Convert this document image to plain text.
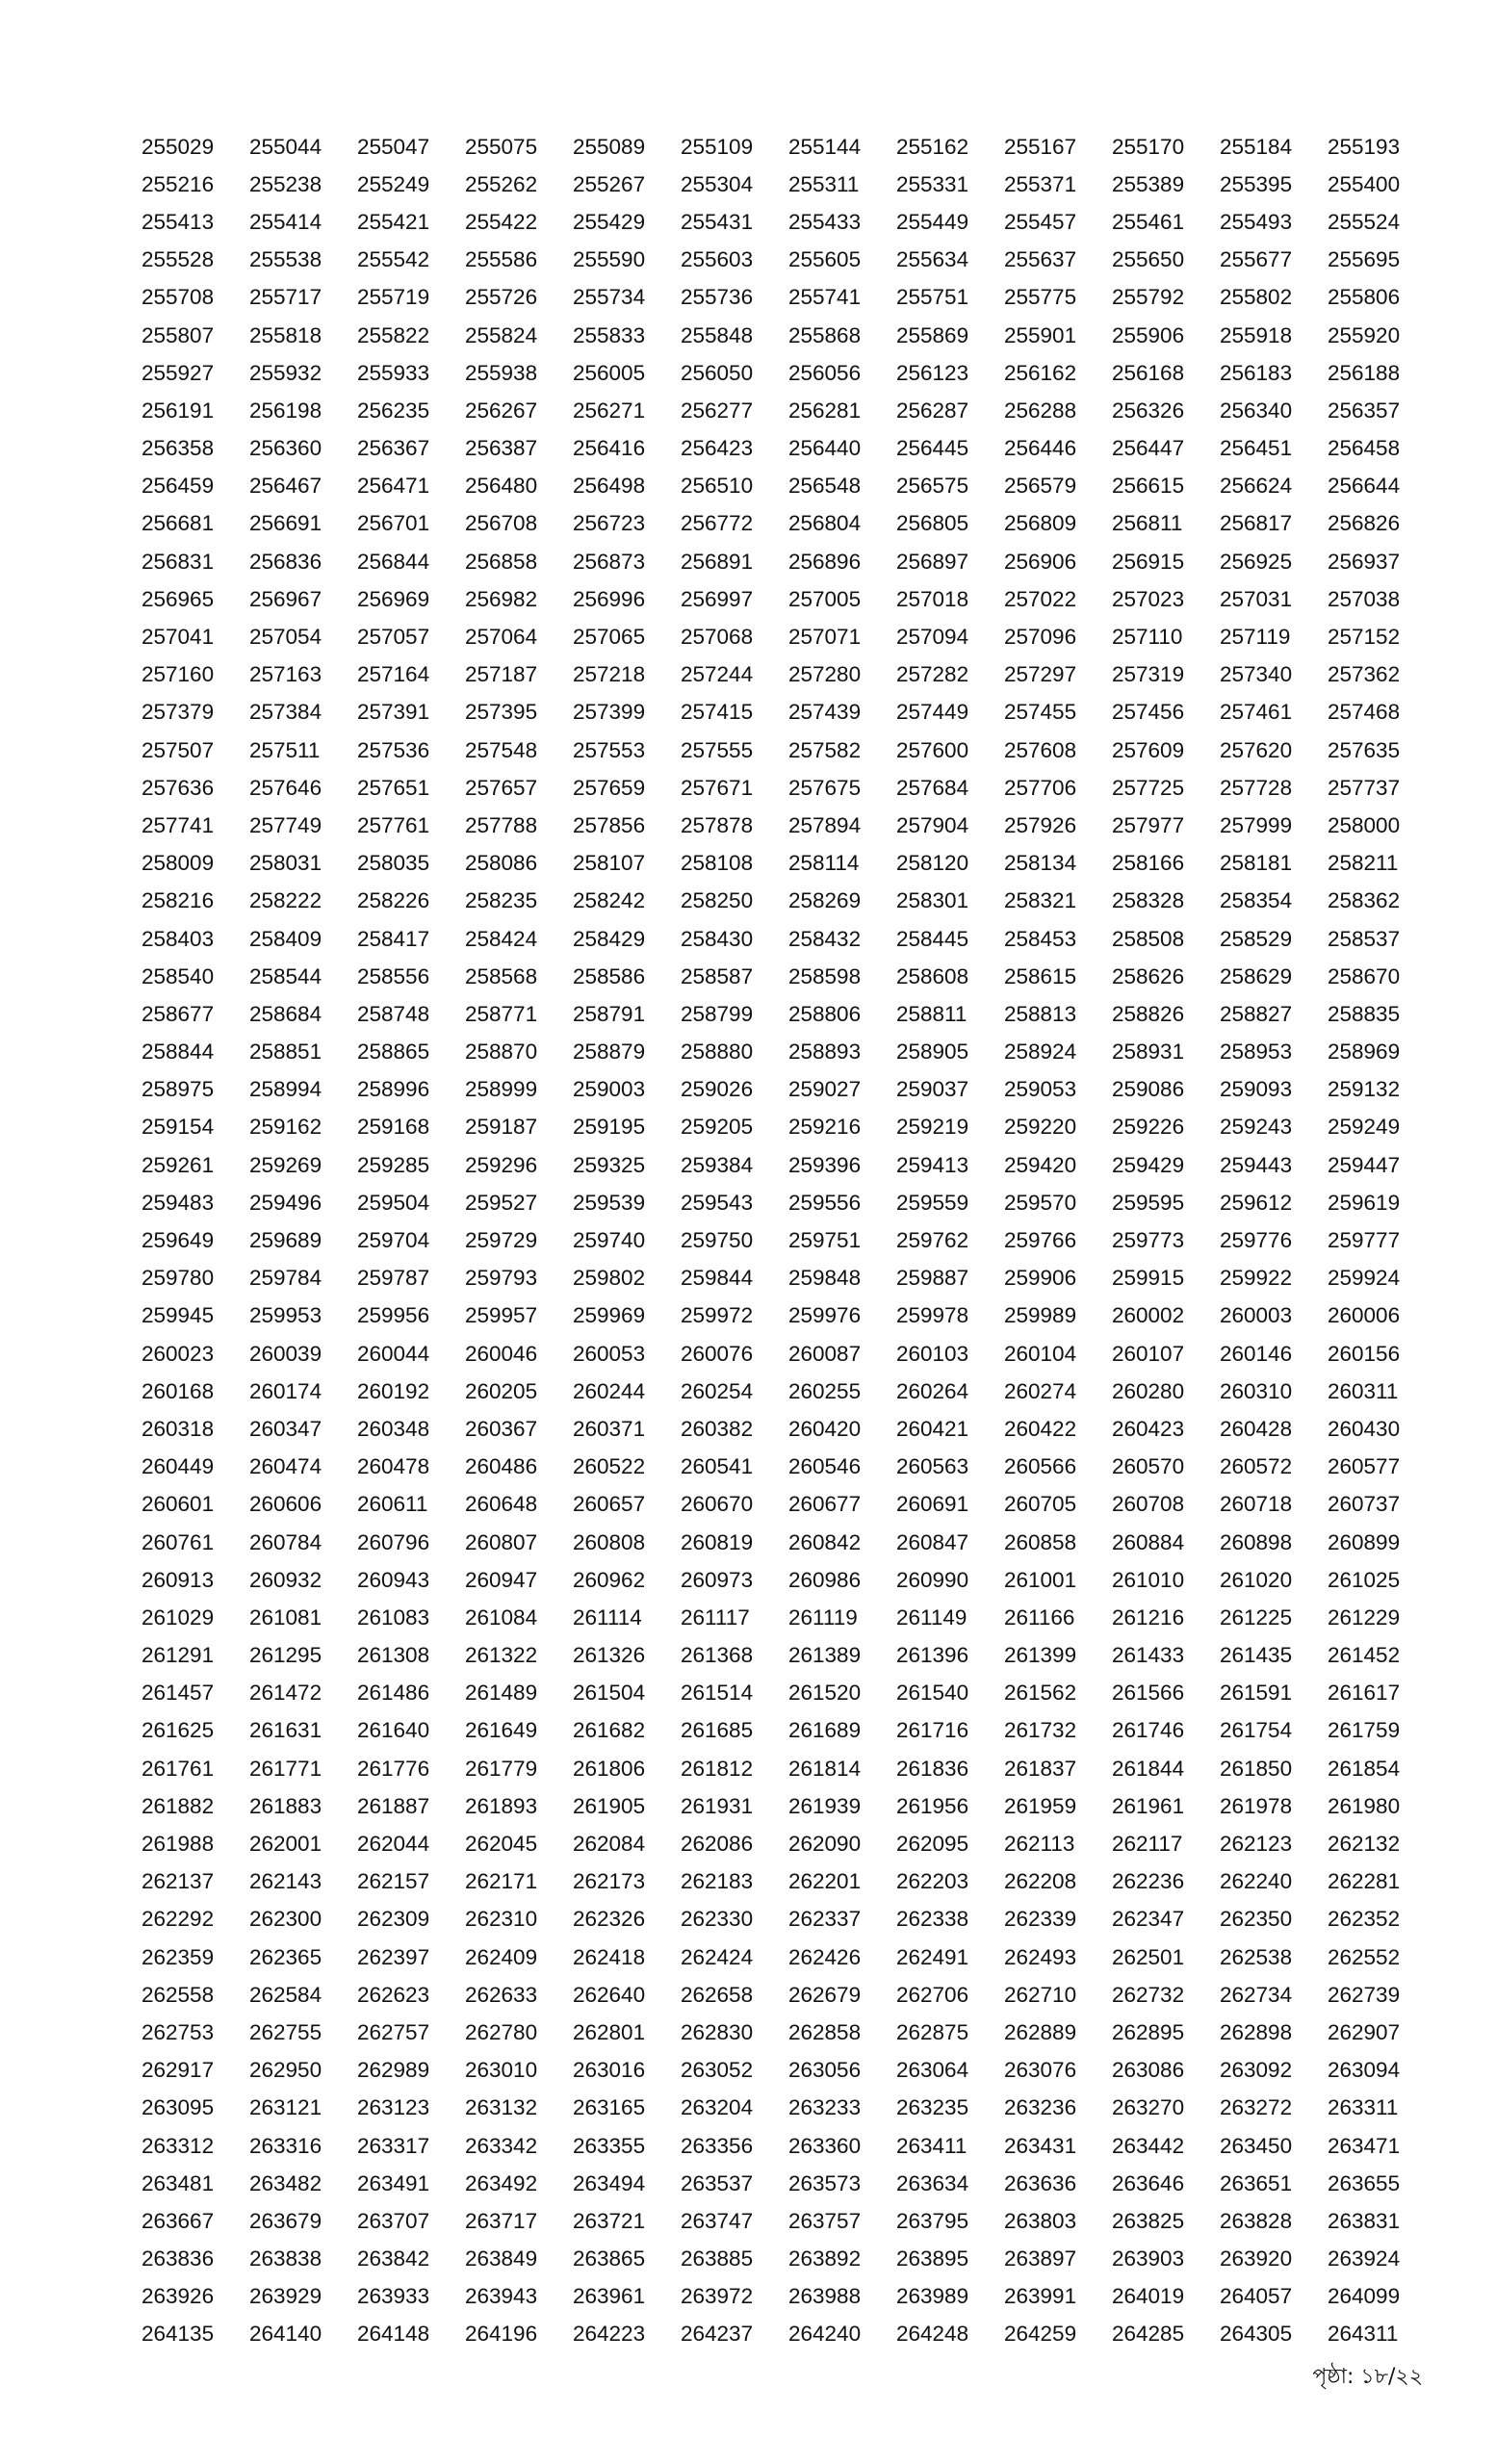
255029	255044	255047	255075	255089	255109	255144	255162	255167	255170	255184	255193
255216	255238	255249	255262	255267	255304	255311	255331	255371	255389	255395	255400
255413	255414	255421	255422	255429	255431	255433	255449	255457	255461	255493	255524
255528	255538	255542	255586	255590	255603	255605	255634	255637	255650	255677	255695
255708	255717	255719	255726	255734	255736	255741	255751	255775	255792	255802	255806
255807	255818	255822	255824	255833	255848	255868	255869	255901	255906	255918	255920
255927	255932	255933	255938	256005	256050	256056	256123	256162	256168	256183	256188
256191	256198	256235	256267	256271	256277	256281	256287	256288	256326	256340	256357
256358	256360	256367	256387	256416	256423	256440	256445	256446	256447	256451	256458
256459	256467	256471	256480	256498	256510	256548	256575	256579	256615	256624	256644
256681	256691	256701	256708	256723	256772	256804	256805	256809	256811	256817	256826
256831	256836	256844	256858	256873	256891	256896	256897	256906	256915	256925	256937
256965	256967	256969	256982	256996	256997	257005	257018	257022	257023	257031	257038
257041	257054	257057	257064	257065	257068	257071	257094	257096	257110	257119	257152
257160	257163	257164	257187	257218	257244	257280	257282	257297	257319	257340	257362
257379	257384	257391	257395	257399	257415	257439	257449	257455	257456	257461	257468
257507	257511	257536	257548	257553	257555	257582	257600	257608	257609	257620	257635
257636	257646	257651	257657	257659	257671	257675	257684	257706	257725	257728	257737
257741	257749	257761	257788	257856	257878	257894	257904	257926	257977	257999	258000
258009	258031	258035	258086	258107	258108	258114	258120	258134	258166	258181	258211
258216	258222	258226	258235	258242	258250	258269	258301	258321	258328	258354	258362
258403	258409	258417	258424	258429	258430	258432	258445	258453	258508	258529	258537
258540	258544	258556	258568	258586	258587	258598	258608	258615	258626	258629	258670
258677	258684	258748	258771	258791	258799	258806	258811	258813	258826	258827	258835
258844	258851	258865	258870	258879	258880	258893	258905	258924	258931	258953	258969
258975	258994	258996	258999	259003	259026	259027	259037	259053	259086	259093	259132
259154	259162	259168	259187	259195	259205	259216	259219	259220	259226	259243	259249
259261	259269	259285	259296	259325	259384	259396	259413	259420	259429	259443	259447
259483	259496	259504	259527	259539	259543	259556	259559	259570	259595	259612	259619
259649	259689	259704	259729	259740	259750	259751	259762	259766	259773	259776	259777
259780	259784	259787	259793	259802	259844	259848	259887	259906	259915	259922	259924
259945	259953	259956	259957	259969	259972	259976	259978	259989	260002	260003	260006
260023	260039	260044	260046	260053	260076	260087	260103	260104	260107	260146	260156
260168	260174	260192	260205	260244	260254	260255	260264	260274	260280	260310	260311
260318	260347	260348	260367	260371	260382	260420	260421	260422	260423	260428	260430
260449	260474	260478	260486	260522	260541	260546	260563	260566	260570	260572	260577
260601	260606	260611	260648	260657	260670	260677	260691	260705	260708	260718	260737
260761	260784	260796	260807	260808	260819	260842	260847	260858	260884	260898	260899
260913	260932	260943	260947	260962	260973	260986	260990	261001	261010	261020	261025
261029	261081	261083	261084	261114	261117	261119	261149	261166	261216	261225	261229
261291	261295	261308	261322	261326	261368	261389	261396	261399	261433	261435	261452
261457	261472	261486	261489	261504	261514	261520	261540	261562	261566	261591	261617
261625	261631	261640	261649	261682	261685	261689	261716	261732	261746	261754	261759
261761	261771	261776	261779	261806	261812	261814	261836	261837	261844	261850	261854
261882	261883	261887	261893	261905	261931	261939	261956	261959	261961	261978	261980
261988	262001	262044	262045	262084	262086	262090	262095	262113	262117	262123	262132
262137	262143	262157	262171	262173	262183	262201	262203	262208	262236	262240	262281
262292	262300	262309	262310	262326	262330	262337	262338	262339	262347	262350	262352
262359	262365	262397	262409	262418	262424	262426	262491	262493	262501	262538	262552
262558	262584	262623	262633	262640	262658	262679	262706	262710	262732	262734	262739
262753	262755	262757	262780	262801	262830	262858	262875	262889	262895	262898	262907
262917	262950	262989	263010	263016	263052	263056	263064	263076	263086	263092	263094
263095	263121	263123	263132	263165	263204	263233	263235	263236	263270	263272	263311
263312	263316	263317	263342	263355	263356	263360	263411	263431	263442	263450	263471
263481	263482	263491	263492	263494	263537	263573	263634	263636	263646	263651	263655
263667	263679	263707	263717	263721	263747	263757	263795	263803	263825	263828	263831
263836	263838	263842	263849	263865	263885	263892	263895	263897	263903	263920	263924
263926	263929	263933	263943	263961	263972	263988	263989	263991	264019	264057	264099
264135	264140	264148	264196	264223	264237	264240	264248	264259	264285	264305	264311
পৃষ্ঠা: ১৮/২২
